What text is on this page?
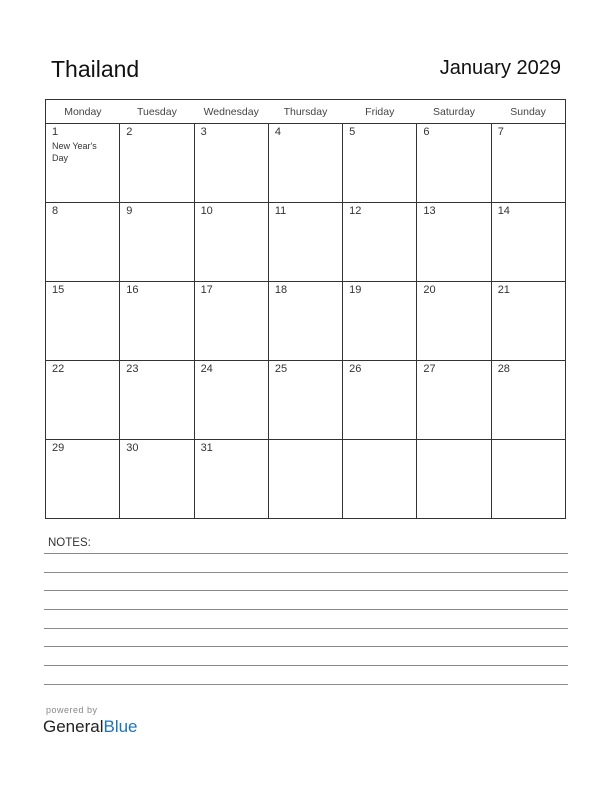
Thailand	January 2029
Monday	Tuesday	Wednesday	Thursday	Friday	Saturday	Sunday

1
New Year's Day	2	3	4	5	6	7

8	9	10	11	12	13	14

15	16	17	18	19	20	21

22	23	24	25	26	27	28

29	30	31				

NOTES:
powered by
GeneralBlue
